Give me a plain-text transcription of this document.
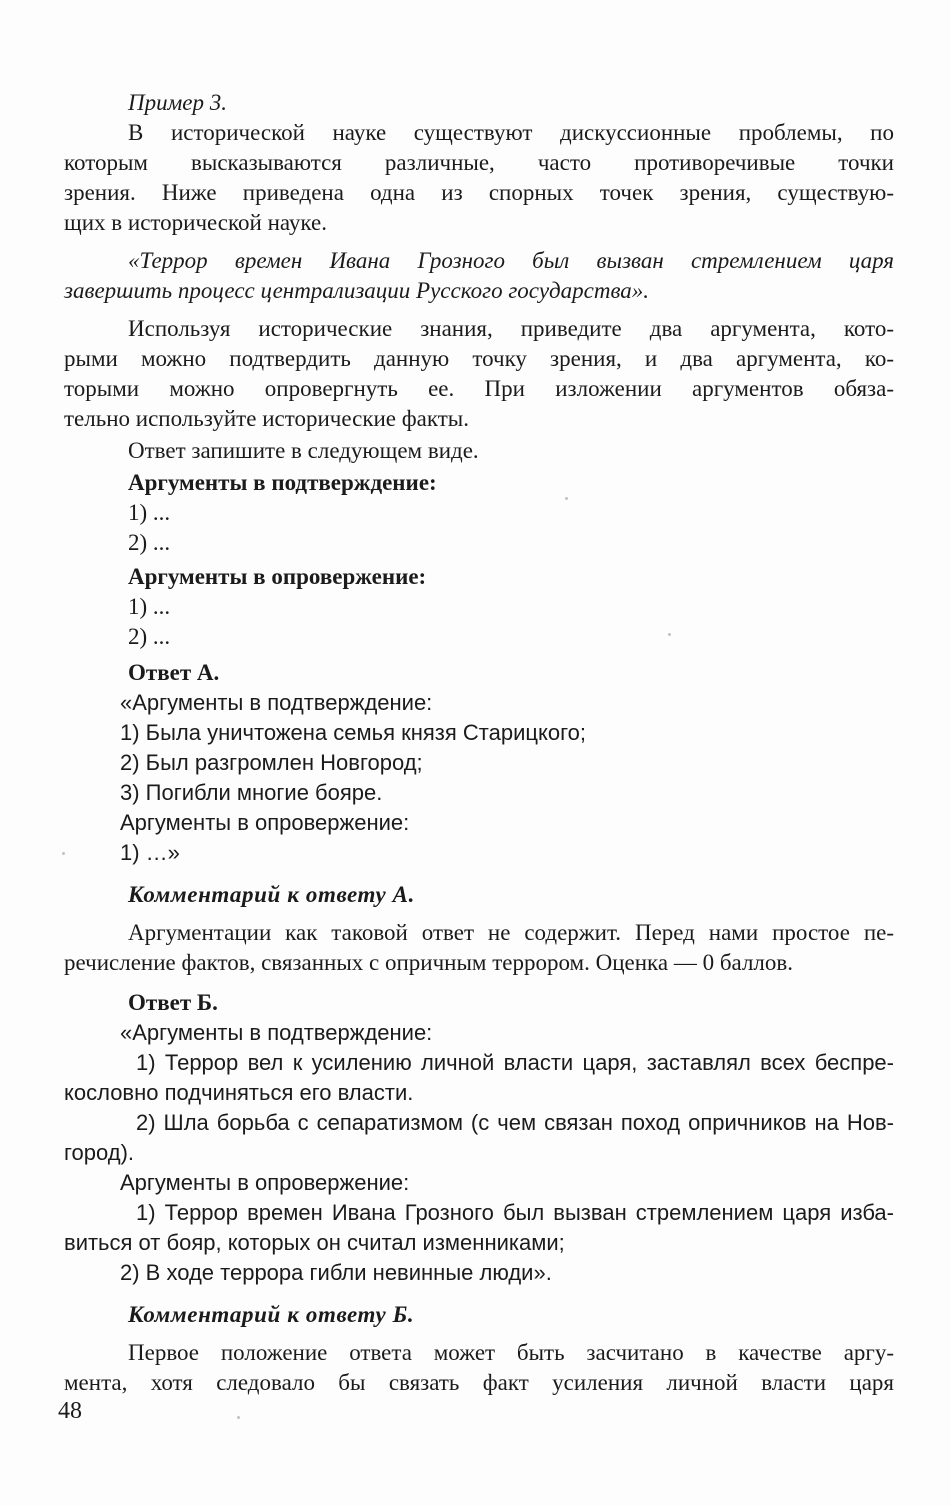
Пример 3.
В исторической науке существуют дискуссионные проблемы, по
которым высказываются различные, часто противоречивые точки
зрения. Ниже приведена одна из спорных точек зрения, существую-
щих в исторической науке.
«Террор времен Ивана Грозного был вызван стремлением царя
завершить процесс централизации Русского государства».
Используя исторические знания, приведите два аргумента, кото-
рыми можно подтвердить данную точку зрения, и два аргумента, ко-
торыми можно опровергнуть ее. При изложении аргументов обяза-
тельно используйте исторические факты.
Ответ запишите в следующем виде.
Аргументы в подтверждение:
1) ...
2) ...
Аргументы в опровержение:
1) ...
2) ...
Ответ А.
«Аргументы в подтверждение:
1) Была уничтожена семья князя Старицкого;
2) Был разгромлен Новгород;
3) Погибли многие бояре.
Аргументы в опровержение:
1) …»
Комментарий к ответу А.
Аргументации как таковой ответ не содержит. Перед нами простое пе-
речисление фактов, связанных с опричным террором. Оценка — 0 баллов.
Ответ Б.
«Аргументы в подтверждение:
1) Террор вел к усилению личной власти царя, заставлял всех беспре-
кословно подчиняться его власти.
2) Шла борьба с сепаратизмом (с чем связан поход опричников на Нов-
город).
Аргументы в опровержение:
1) Террор времен Ивана Грозного был вызван стремлением царя изба-
виться от бояр, которых он считал изменниками;
2) В ходе террора гибли невинные люди».
Комментарий к ответу Б.
Первое положение ответа может быть засчитано в качестве аргу-
мента, хотя следовало бы связать факт усиления личной власти царя
48
